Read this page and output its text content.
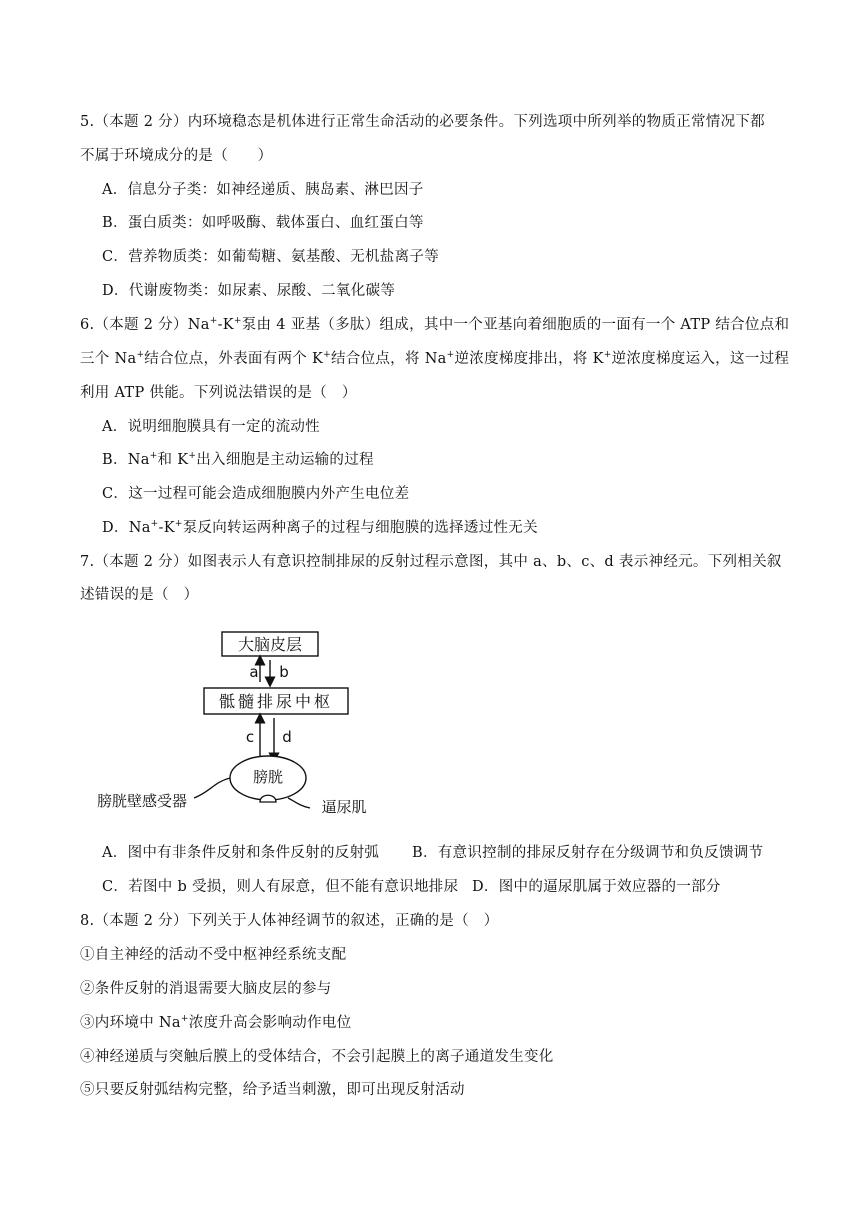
5.（本题 2 分）内环境稳态是机体进行正常生命活动的必要条件。下列选项中所列举的物质正常情况下都
不属于环境成分的是（　　）
A．信息分子类：如神经递质、胰岛素、淋巴因子
B．蛋白质类：如呼吸酶、载体蛋白、血红蛋白等
C．营养物质类：如葡萄糖、氨基酸、无机盐离子等
D．代谢废物类：如尿素、尿酸、二氧化碳等
6.（本题 2 分）Na+-K+泵由 4 亚基（多肽）组成，其中一个亚基向着细胞质的一面有一个 ATP 结合位点和
三个 Na+结合位点，外表面有两个 K+结合位点，将 Na+逆浓度梯度排出，将 K+逆浓度梯度运入，这一过程
利用 ATP 供能。下列说法错误的是（　）
A．说明细胞膜具有一定的流动性
B．Na+和 K+出入细胞是主动运输的过程
C．这一过程可能会造成细胞膜内外产生电位差
D．Na+-K+泵反向转运两种离子的过程与细胞膜的选择透过性无关
7.（本题 2 分）如图表示人有意识控制排尿的反射过程示意图，其中 a、b、c、d 表示神经元。下列相关叙
述错误的是（　）
大脑皮层
a b
骶髓排尿中枢
c d
膀胱
膀胱壁感受器	逼尿肌
A．图中有非条件反射和条件反射的反射弧 B．有意识控制的排尿反射存在分级调节和负反馈调节
C．若图中 b 受损，则人有尿意，但不能有意识地排尿 D．图中的逼尿肌属于效应器的一部分
8.（本题 2 分）下列关于人体神经调节的叙述，正确的是（　）
①自主神经的活动不受中枢神经系统支配
②条件反射的消退需要大脑皮层的参与
③内环境中 Na+浓度升高会影响动作电位
④神经递质与突触后膜上的受体结合，不会引起膜上的离子通道发生变化
⑤只要反射弧结构完整，给予适当刺激，即可出现反射活动
